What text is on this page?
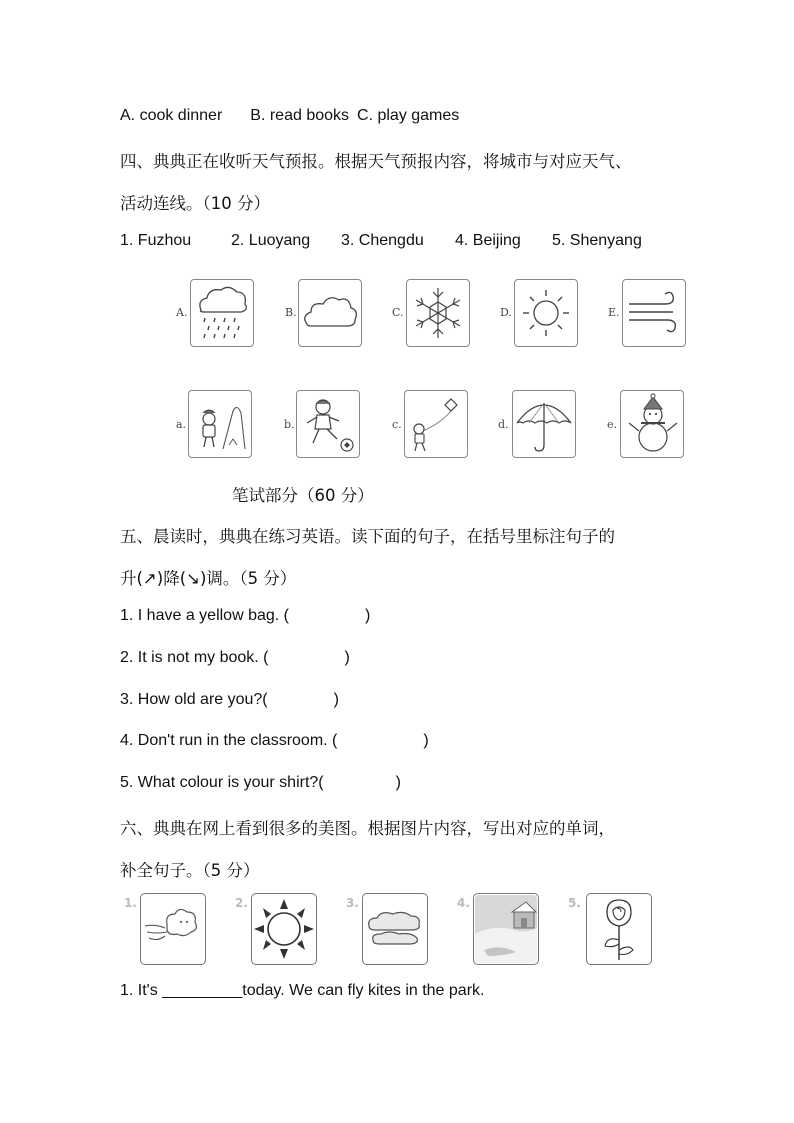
A. cook dinner B. read books C. play games
四、典典正在收听天气预报。根据天气预报内容，将城市与对应天气、
活动连线。（10 分）
1. Fuzhou 2. Luoyang 3. Chengdu 4. Beijing 5. Shenyang
A.	B.	C.	D.	E.
a.	b.	c.	d.	e.
笔试部分（60 分）
五、晨读时，典典在练习英语。读下面的句子，在括号里标注句子的
升(↗)降(↘)调。（5 分）
1. I have a yellow bag. (	)
2. It is not my book. (	)
3. How old are you?(	)
4. Don't run in the classroom. (	)
5. What colour is your shirt?(	)
六、典典在网上看到很多的美图。根据图片内容，写出对应的单词，
补全句子。（5 分）
1.	2.	3.	4.	5.
1. It's _________today. We can fly kites in the park.
